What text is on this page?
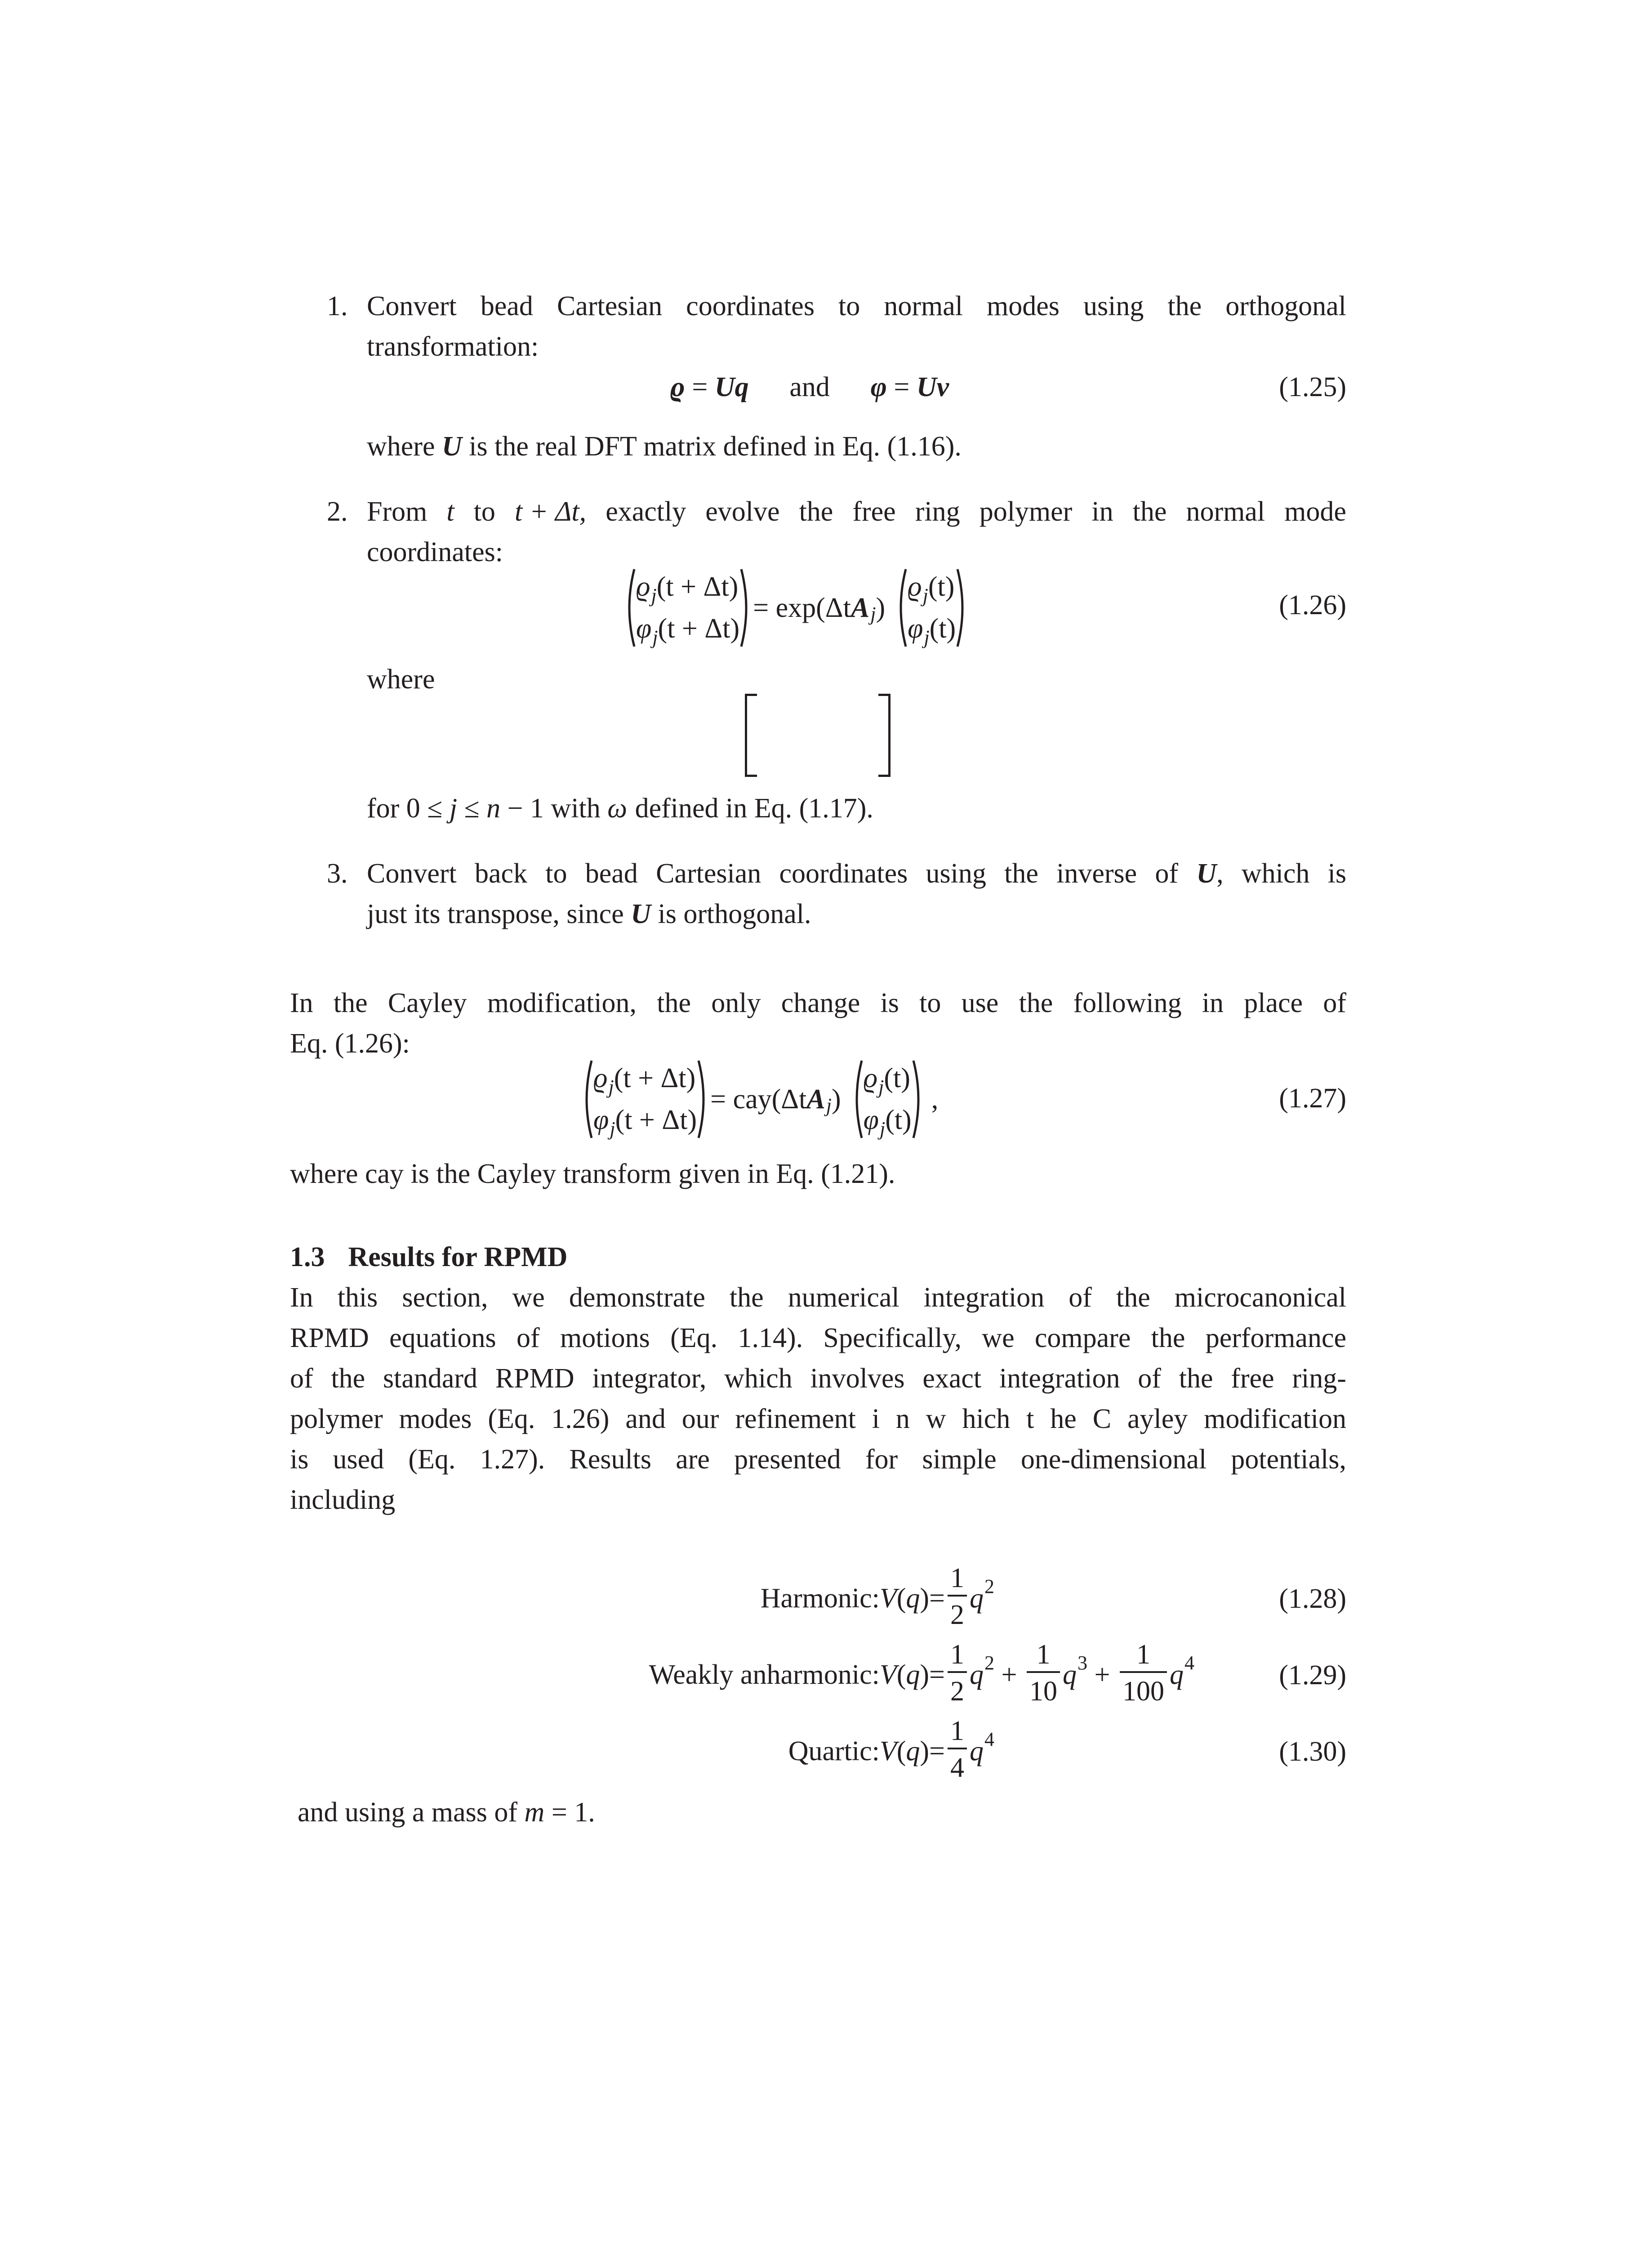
1. Convert bead Cartesian coordinates to normal modes using the orthogonal
transformation:
ϱ = Uq and φ = Uv	(1.25)
where U is the real DFT matrix defined in Eq. (1.16).
2. From t to t + Δt, exactly evolve the free ring polymer in the normal mode
coordinates:
$ϱ_j(t + \Delta t)$
$\varphi_j(t + \Delta t)$
= exp(Δt A j )
$ϱ_j(t)$
$\varphi_j(t)$
(1.26)
where
for 0 ≤ j ≤ n − 1 with ω defined in Eq. (1.17).
3. Convert back to bead Cartesian coordinates using the inverse of U, which is
just its transpose, since U is orthogonal.
In the Cayley modification, the only change is to use the following in place of
Eq. (1.26):
$ϱ_j(t + \Delta t)$
$\varphi_j(t + \Delta t)$
= cay(Δt A j )
$ϱ_j(t)$
$\varphi_j(t)$
,	(1.27)
where cay is the Cayley transform given in Eq. (1.21).
1.3 Results for RPMD
In this section, we demonstrate the numerical integration of the microcanonical
RPMD equations of motions (Eq. 1.14). Specifically, we compare the performance
of the standard RPMD integrator, which involves exact integration of the free ring-
polymer modes (Eq. 1.26) and our refinement i n w hich t he C ayley modification
is used (Eq. 1.27). Results are presented for simple one-dimensional potentials,
including
Harmonic: V ( q ) = $\frac{1}{2}$ q 2	(1.28)
Weakly anharmonic: V ( q ) = $\frac{1}{2}$ q $2 + \frac{1}{10}$ q $3 + \frac{1}{100}$ q 4	(1.29)
Quartic: V ( q ) = $\frac{1}{4}$ q 4	(1.30)
and using a mass of m = 1.
